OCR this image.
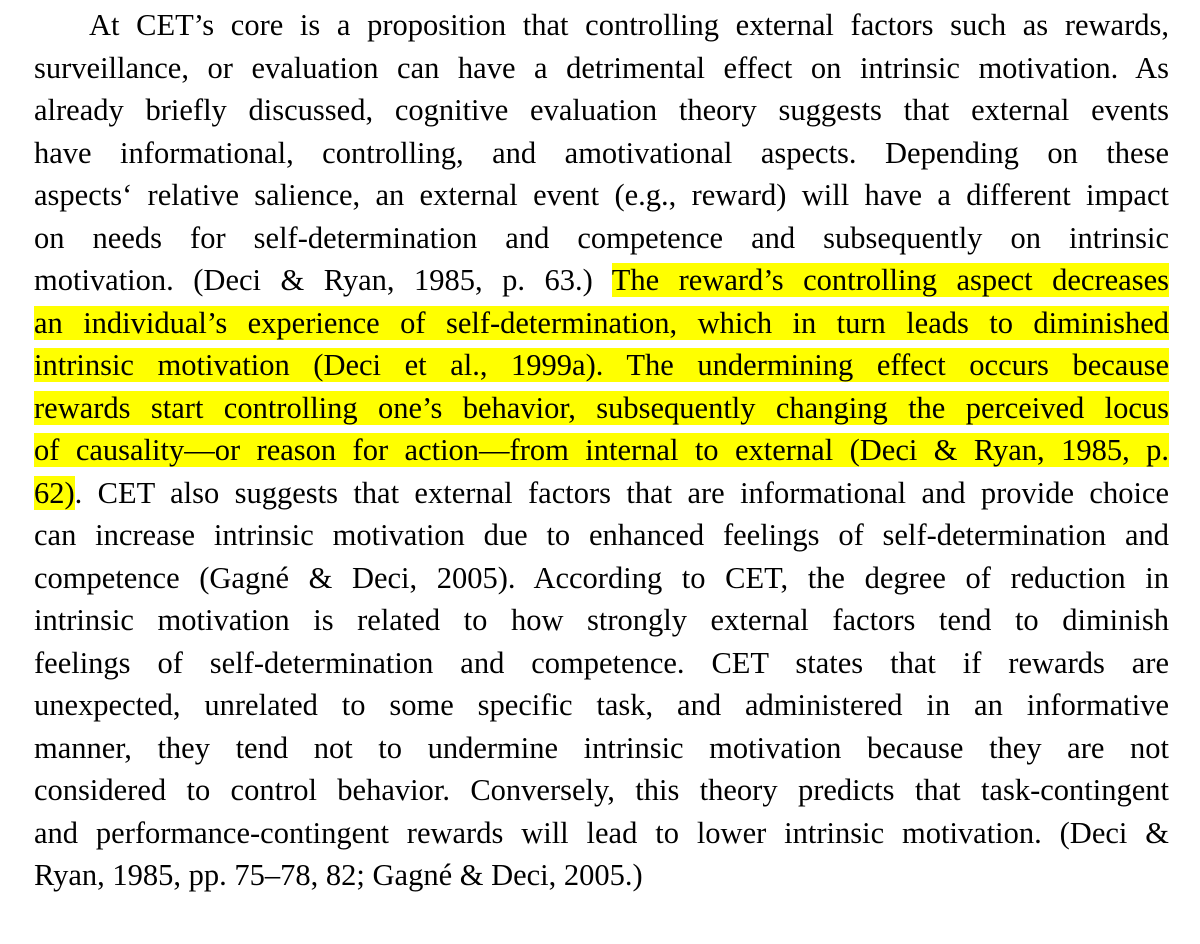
At CET’s core is a proposition that controlling external factors such as rewards,
surveillance, or evaluation can have a detrimental effect on intrinsic motivation. As
already briefly discussed, cognitive evaluation theory suggests that external events
have informational, controlling, and amotivational aspects. Depending on these
aspects‘ relative salience, an external event (e.g., reward) will have a different impact
on needs for self-determination and competence and subsequently on intrinsic
motivation. (Deci & Ryan, 1985, p. 63.) The reward’s controlling aspect decreases
an individual’s experience of self-determination, which in turn leads to diminished
intrinsic motivation (Deci et al., 1999a). The undermining effect occurs because
rewards start controlling one’s behavior, subsequently changing the perceived locus
of causality—or reason for action—from internal to external (Deci & Ryan, 1985, p.
62). CET also suggests that external factors that are informational and provide choice
can increase intrinsic motivation due to enhanced feelings of self-determination and
competence (Gagné & Deci, 2005). According to CET, the degree of reduction in
intrinsic motivation is related to how strongly external factors tend to diminish
feelings of self-determination and competence. CET states that if rewards are
unexpected, unrelated to some specific task, and administered in an informative
manner, they tend not to undermine intrinsic motivation because they are not
considered to control behavior. Conversely, this theory predicts that task-contingent
and performance-contingent rewards will lead to lower intrinsic motivation. (Deci &
Ryan, 1985, pp. 75–78, 82; Gagné & Deci, 2005.)
